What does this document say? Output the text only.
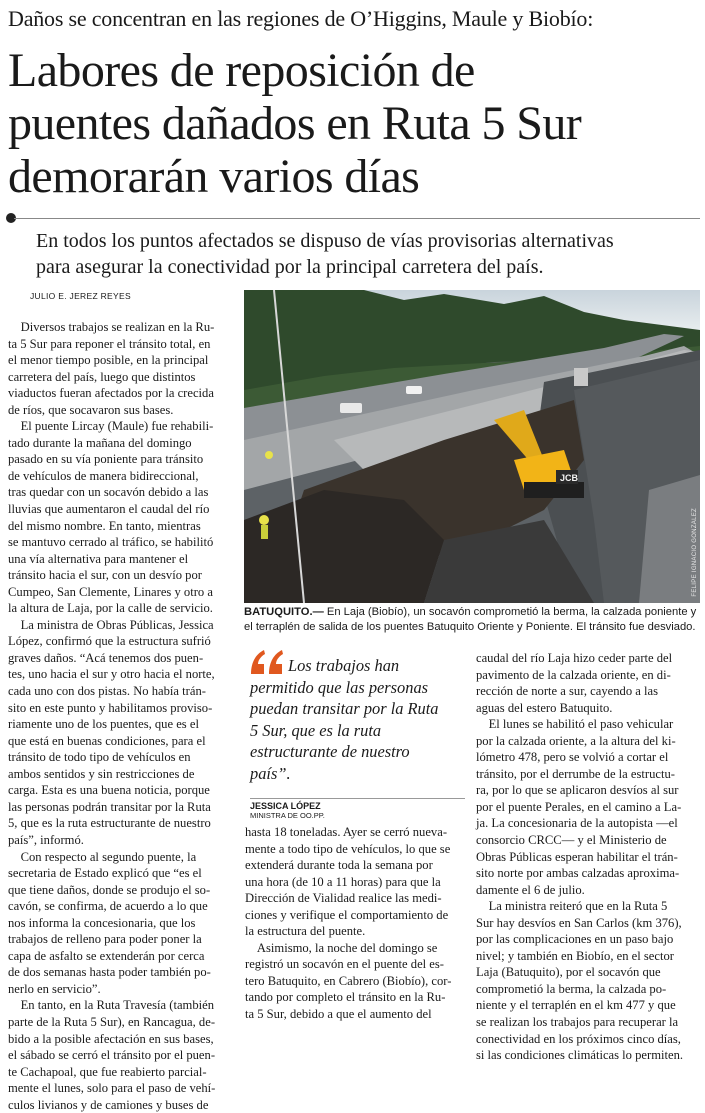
Daños se concentran en las regiones de O’Higgins, Maule y Biobío:
Labores de reposición de
puentes dañados en Ruta 5 Sur
demorarán varios días
En todos los puntos afectados se dispuso de vías provisorias alternativas
para asegurar la conectividad por la principal carretera del país.
JULIO E. JEREZ REYES
Diversos trabajos se realizan en la Ru-
ta 5 Sur para reponer el tránsito total, en
el menor tiempo posible, en la principal
carretera del país, luego que distintos
viaductos fueran afectados por la crecida
de ríos, que socavaron sus bases.
El puente Lircay (Maule) fue rehabili-
tado durante la mañana del domingo
pasado en su vía poniente para tránsito
de vehículos de manera bidireccional,
tras quedar con un socavón debido a las
lluvias que aumentaron el caudal del río
del mismo nombre. En tanto, mientras
se mantuvo cerrado al tráfico, se habilitó
una vía alternativa para mantener el
tránsito hacia el sur, con un desvío por
Cumpeo, San Clemente, Linares y otro a
la altura de Laja, por la calle de servicio.
La ministra de Obras Públicas, Jessica
López, confirmó que la estructura sufrió
graves daños. “Acá tenemos dos puen-
tes, uno hacia el sur y otro hacia el norte,
cada uno con dos pistas. No había trán-
sito en este punto y habilitamos proviso-
riamente uno de los puentes, que es el
que está en buenas condiciones, para el
tránsito de todo tipo de vehículos en
ambos sentidos y sin restricciones de
carga. Esta es una buena noticia, porque
las personas podrán transitar por la Ruta
5, que es la ruta estructurante de nuestro
país”, informó.
Con respecto al segundo puente, la
secretaria de Estado explicó que “es el
que tiene daños, donde se produjo el so-
cavón, se confirma, de acuerdo a lo que
nos informa la concesionaria, que los
trabajos de relleno para poder poner la
capa de asfalto se extenderán por cerca
de dos semanas hasta poder también po-
nerlo en servicio”.
En tanto, en la Ruta Travesía (también
parte de la Ruta 5 Sur), en Rancagua, de-
bido a la posible afectación en sus bases,
el sábado se cerró el tránsito por el puen-
te Cachapoal, que fue reabierto parcial-
mente el lunes, solo para el paso de vehí-
culos livianos y de camiones y buses de
JCB
FELIPE IGNACIO GONZÁLEZ
BATUQUITO.— En Laja (Biobío), un socavón comprometió la berma, la calzada poniente y
el terraplén de salida de los puentes Batuquito Oriente y Poniente. El tránsito fue desviado.
Los trabajos han
permitido que las personas
puedan transitar por la Ruta
5 Sur, que es la ruta
estructurante de nuestro
país”.
JESSICA LÓPEZ
MINISTRA DE OO.PP.
hasta 18 toneladas. Ayer se cerró nueva-
mente a todo tipo de vehículos, lo que se
extenderá durante toda la semana por
una hora (de 10 a 11 horas) para que la
Dirección de Vialidad realice las medi-
ciones y verifique el comportamiento de
la estructura del puente.
Asimismo, la noche del domingo se
registró un socavón en el puente del es-
tero Batuquito, en Cabrero (Biobío), cor-
tando por completo el tránsito en la Ru-
ta 5 Sur, debido a que el aumento del
caudal del río Laja hizo ceder parte del
pavimento de la calzada oriente, en di-
rección de norte a sur, cayendo a las
aguas del estero Batuquito.
El lunes se habilitó el paso vehicular
por la calzada oriente, a la altura del ki-
lómetro 478, pero se volvió a cortar el
tránsito, por el derrumbe de la estructu-
ra, por lo que se aplicaron desvíos al sur
por el puente Perales, en el camino a La-
ja. La concesionaria de la autopista —el
consorcio CRCC— y el Ministerio de
Obras Públicas esperan habilitar el trán-
sito norte por ambas calzadas aproxima-
damente el 6 de julio.
La ministra reiteró que en la Ruta 5
Sur hay desvíos en San Carlos (km 376),
por las complicaciones en un paso bajo
nivel; y también en Biobío, en el sector
Laja (Batuquito), por el socavón que
comprometió la berma, la calzada po-
niente y el terraplén en el km 477 y que
se realizan los trabajos para recuperar la
conectividad en los próximos cinco días,
si las condiciones climáticas lo permiten.
